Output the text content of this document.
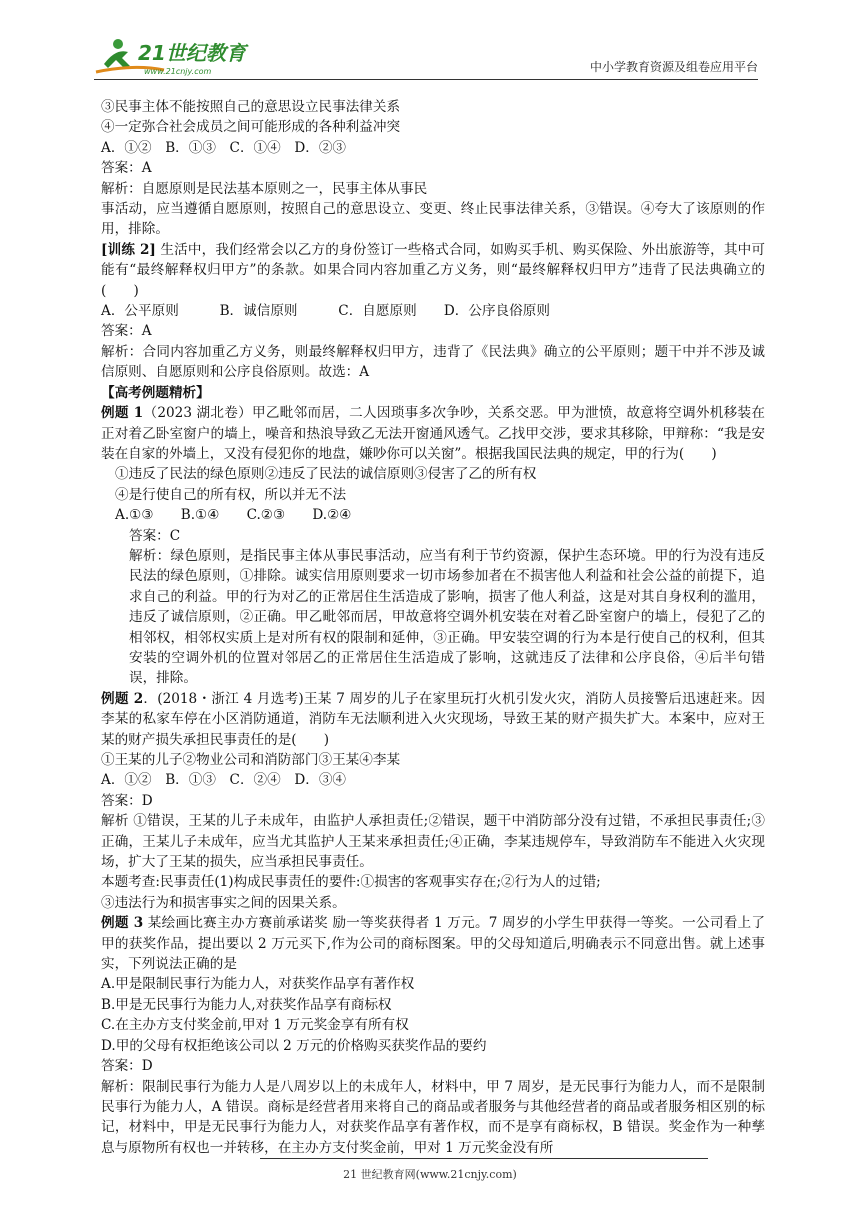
21世纪教育
www.21cnjy.com	中小学教育资源及组卷应用平台

③民事主体不能按照自己的意思设立民事法律关系

④一定弥合社会成员之间可能形成的各种利益冲突

A．①②　B．①③　C．①④　D．②③

答案：A

解析：自愿原则是民法基本原则之一，民事主体从事民

事活动，应当遵循自愿原则，按照自己的意思设立、变更、终止民事法律关系，③错误。④夸大了该原则的作用，排除。

[训练 2] 生活中，我们经常会以乙方的身份签订一些格式合同，如购买手机、购买保险、外出旅游等，其中可能有“最终解释权归甲方”的条款。如果合同内容加重乙方义务，则“最终解释权归甲方”违背了民法典确立的(　　)

A．公平原则　　　B．诚信原则　　　C．自愿原则　　D．公序良俗原则

答案：A

解析：合同内容加重乙方义务，则最终解释权归甲方，违背了《民法典》确立的公平原则；题干中并不涉及诚信原则、自愿原则和公序良俗原则。故选：A

【高考例题精析】

例题 1（2023 湖北卷）甲乙毗邻而居，二人因琐事多次争吵，关系交恶。甲为泄愤，故意将空调外机移装在正对着乙卧室窗户的墙上，噪音和热浪导致乙无法开窗通风透气。乙找甲交涉，要求其移除，甲辩称：“我是安装在自家的外墙上，又没有侵犯你的地盘，嫌吵你可以关窗”。根据我国民法典的规定，甲的行为(　　)

①违反了民法的绿色原则②违反了民法的诚信原则③侵害了乙的所有权

④是行使自己的所有权，所以并无不法

A.①③　　B.①④　　C.②③　　D.②④

答案：C

解析：绿色原则，是指民事主体从事民事活动，应当有利于节约资源，保护生态环境。甲的行为没有违反民法的绿色原则，①排除。诚实信用原则要求一切市场参加者在不损害他人利益和社会公益的前提下，追求自己的利益。甲的行为对乙的正常居住生活造成了影响，损害了他人利益，这是对其自身权利的滥用，违反了诚信原则，②正确。甲乙毗邻而居，甲故意将空调外机安装在对着乙卧室窗户的墙上，侵犯了乙的相邻权，相邻权实质上是对所有权的限制和延伸，③正确。甲安装空调的行为本是行使自己的权利，但其安装的空调外机的位置对邻居乙的正常居住生活造成了影响，这就违反了法律和公序良俗，④后半句错误，排除。

例题 2．(2018・浙江 4 月选考)王某 7 周岁的儿子在家里玩打火机引发火灾，消防人员接警后迅速赶来。因李某的私家车停在小区消防通道，消防车无法顺利进入火灾现场，导致王某的财产损失扩大。本案中，应对王某的财产损失承担民事责任的是(　　)

①王某的儿子②物业公司和消防部门③王某④李某

A．①②　B．①③　C．②④　D．③④

答案：D

解析 ①错误，王某的儿子未成年，由监护人承担责任;②错误，题干中消防部分没有过错，不承担民事责任;③正确，王某儿子未成年，应当尤其监护人王某来承担责任;④正确，李某违规停车，导致消防车不能进入火灾现场，扩大了王某的损失，应当承担民事责任。

本题考查:民事责任(1)构成民事责任的要件:①损害的客观事实存在;②行为人的过错;

③违法行为和损害事实之间的因果关系。

例题 3 某绘画比赛主办方赛前承诺奖 励一等奖获得者 1 万元。7 周岁的小学生甲获得一等奖。一公司看上了甲的获奖作品，提出要以 2 万元买下,作为公司的商标图案。甲的父母知道后,明确表示不同意出售。就上述事实，下列说法正确的是

A.甲是限制民事行为能力人，对获奖作品享有著作权

B.甲是无民事行为能力人,对获奖作品享有商标权

C.在主办方支付奖金前,甲对 1 万元奖金享有所有权

D.甲的父母有权拒绝该公司以 2 万元的价格购买获奖作品的要约

答案：D

解析：限制民事行为能力人是八周岁以上的未成年人，材料中，甲 7 周岁，是无民事行为能力人，而不是限制民事行为能力人，A 错误。商标是经营者用来将自己的商品或者服务与其他经营者的商品或者服务相区别的标记，材料中，甲是无民事行为能力人，对获奖作品享有著作权，而不是享有商标权，B 错误。奖金作为一种孳息与原物所有权也一并转移，在主办方支付奖金前，甲对 1 万元奖金没有所

21 世纪教育网(www.21cnjy.com)
